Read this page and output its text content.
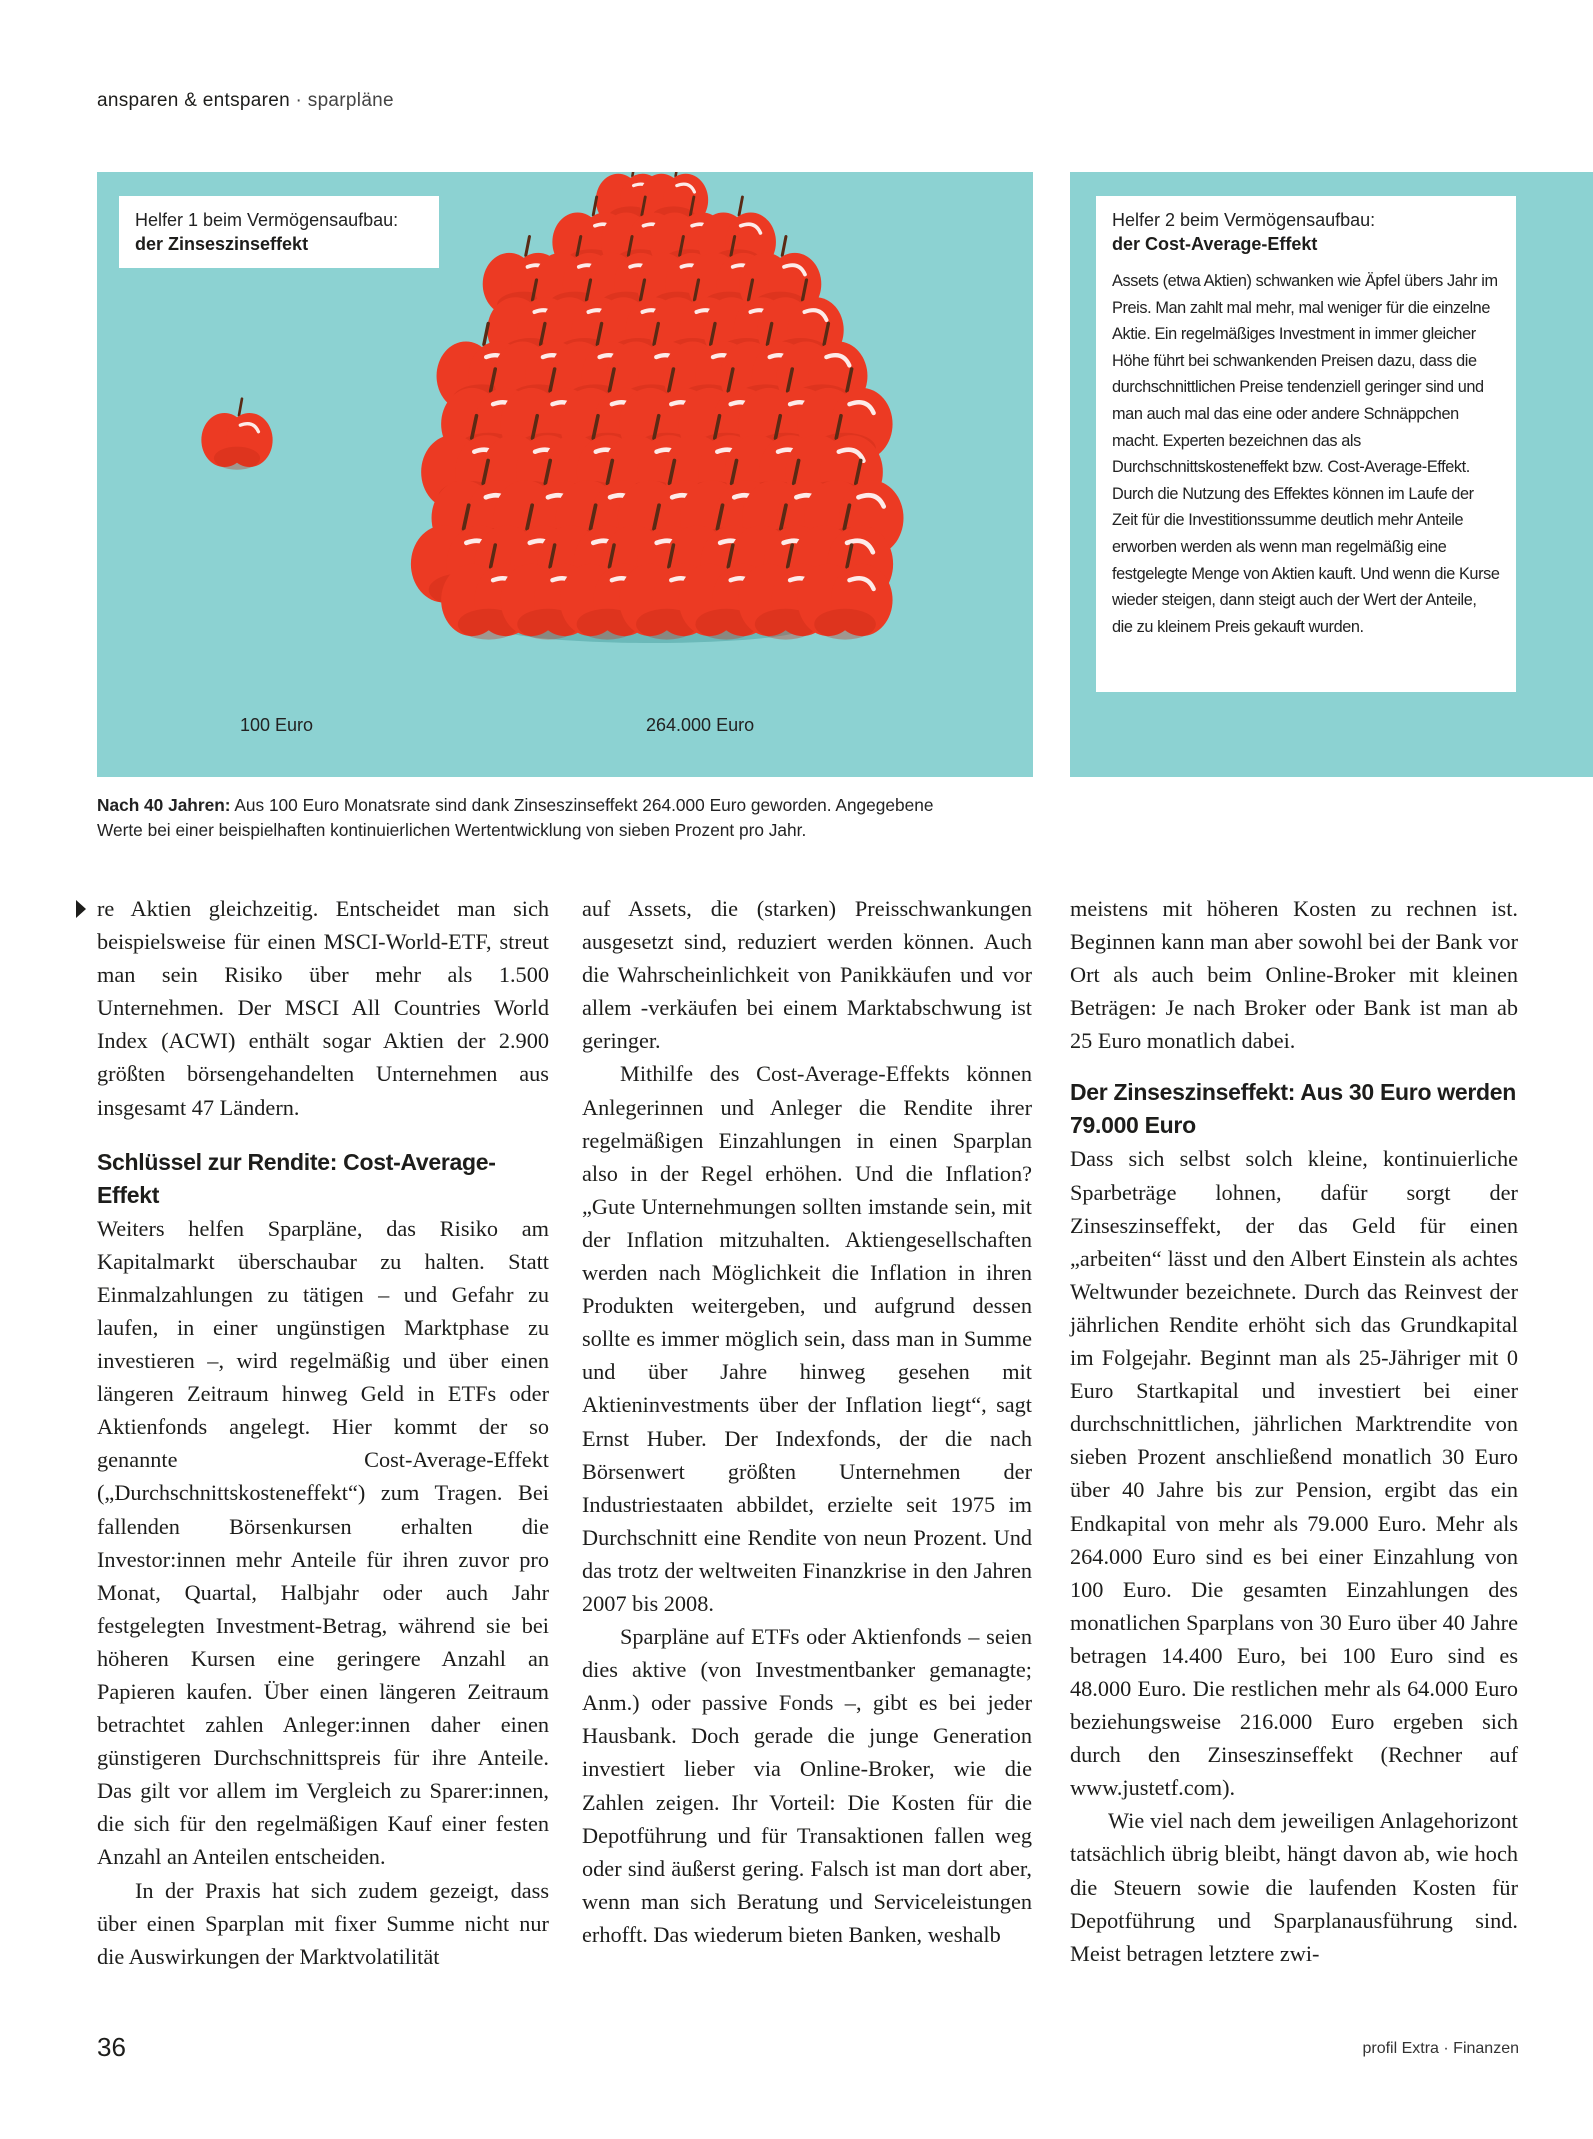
ansparen & entsparen · sparpläne
Helfer 1 beim Vermögensaufbau:
der Zinseszinseffekt
Helfer 2 beim Vermögensaufbau:
der Cost-Average-Effekt
Assets (etwa Aktien) schwanken wie Äpfel übers Jahr im Preis. Man zahlt mal mehr, mal weniger für die einzelne Aktie. Ein regelmäßiges Investment in immer gleicher Höhe führt bei schwankenden Preisen dazu, dass die durchschnittlichen Preise tendenziell geringer sind und man auch mal das eine oder andere Schnäppchen macht. Experten bezeichnen das als Durchschnittskosteneffekt bzw. Cost-Average-Effekt. Durch die Nutzung des Effektes können im Laufe der Zeit für die Investitionssumme deutlich mehr Anteile erworben werden als wenn man regelmäßig eine festgelegte Menge von Aktien kauft. Und wenn die Kurse wieder steigen, dann steigt auch der Wert der Anteile, die zu kleinem Preis gekauft wurden.
100 Euro	264.000 Euro
Nach 40 Jahren: Aus 100 Euro Monatsrate sind dank Zinseszinseffekt 264.000 Euro geworden. Angegebene Werte bei einer beispielhaften kontinuierlichen Wertentwicklung von sieben Prozent pro Jahr.

re Aktien gleichzeitig. Entscheidet man sich beispielsweise für einen MSCI-World-ETF, streut man sein Risiko über mehr als 1.500 Unternehmen. Der MSCI All Countries World Index (ACWI) enthält sogar Aktien der 2.900 größten börsengehandelten Unternehmen aus insgesamt 47 Ländern.

Schlüssel zur Rendite: Cost-Average-Effekt

Weiters helfen Sparpläne, das Risiko am Kapitalmarkt überschaubar zu halten. Statt Einmalzahlungen zu tätigen – und Gefahr zu laufen, in einer ungünstigen Marktphase zu investieren –, wird regelmäßig und über einen längeren Zeitraum hinweg Geld in ETFs oder Aktienfonds angelegt. Hier kommt der so genannte Cost-Average-Effekt („Durchschnittskosteneffekt“) zum Tragen. Bei fallenden Börsenkursen erhalten die Investor:innen mehr Anteile für ihren zuvor pro Monat, Quartal, Halbjahr oder auch Jahr festgelegten Investment-Betrag, während sie bei höheren Kursen eine geringere Anzahl an Papieren kaufen. Über einen längeren Zeitraum betrachtet zahlen Anleger:innen daher einen günstigeren Durchschnittspreis für ihre Anteile. Das gilt vor allem im Vergleich zu Sparer:innen, die sich für den regelmäßigen Kauf einer festen Anzahl an Anteilen entscheiden.

In der Praxis hat sich zudem gezeigt, dass über einen Sparplan mit fixer Summe nicht nur die Auswirkungen der Marktvolatilität

auf Assets, die (starken) Preisschwankungen ausgesetzt sind, reduziert werden können. Auch die Wahrscheinlichkeit von Panikkäufen und vor allem -verkäufen bei einem Marktabschwung ist geringer.

Mithilfe des Cost-Average-Effekts können Anlegerinnen und Anleger die Rendite ihrer regelmäßigen Einzahlungen in einen Sparplan also in der Regel erhöhen. Und die Inflation? „Gute Unternehmungen sollten imstande sein, mit der Inflation mitzuhalten. Aktiengesellschaften werden nach Möglichkeit die Inflation in ihren Produkten weitergeben, und aufgrund dessen sollte es immer möglich sein, dass man in Summe und über Jahre hinweg gesehen mit Aktieninvestments über der Inflation liegt“, sagt Ernst Huber. Der Indexfonds, der die nach Börsenwert größten Unternehmen der Industriestaaten abbildet, erzielte seit 1975 im Durchschnitt eine Rendite von neun Prozent. Und das trotz der weltweiten Finanzkrise in den Jahren 2007 bis 2008.

Sparpläne auf ETFs oder Aktienfonds – seien dies aktive (von Investmentbanker gemanagte; Anm.) oder passive Fonds –, gibt es bei jeder Hausbank. Doch gerade die junge Generation investiert lieber via Online-Broker, wie die Zahlen zeigen. Ihr Vorteil: Die Kosten für die Depotführung und für Transaktionen fallen weg oder sind äußerst gering. Falsch ist man dort aber, wenn man sich Beratung und Serviceleistungen erhofft. Das wiederum bieten Banken, weshalb

meistens mit höheren Kosten zu rechnen ist. Beginnen kann man aber sowohl bei der Bank vor Ort als auch beim Online-Broker mit kleinen Beträgen: Je nach Broker oder Bank ist man ab 25 Euro monatlich dabei.

Der Zinseszinseffekt: Aus 30 Euro werden 79.000 Euro

Dass sich selbst solch kleine, kontinuierliche Sparbeträge lohnen, dafür sorgt der Zinseszinseffekt, der das Geld für einen „arbeiten“ lässt und den Albert Einstein als achtes Weltwunder bezeichnete. Durch das Reinvest der jährlichen Rendite erhöht sich das Grundkapital im Folgejahr. Beginnt man als 25-Jähriger mit 0 Euro Startkapital und investiert bei einer durchschnittlichen, jährlichen Marktrendite von sieben Prozent anschließend monatlich 30 Euro über 40 Jahre bis zur Pension, ergibt das ein Endkapital von mehr als 79.000 Euro. Mehr als 264.000 Euro sind es bei einer Einzahlung von 100 Euro. Die gesamten Einzahlungen des monatlichen Sparplans von 30 Euro über 40 Jahre betragen 14.400 Euro, bei 100 Euro sind es 48.000 Euro. Die restlichen mehr als 64.000 Euro beziehungsweise 216.000 Euro ergeben sich durch den Zinseszinseffekt (Rechner auf www.justetf.com).

Wie viel nach dem jeweiligen Anlagehorizont tatsächlich übrig bleibt, hängt davon ab, wie hoch die Steuern sowie die laufenden Kosten für Depotführung und Sparplanausführung sind. Meist betragen letztere zwi-

36	profil Extra · Finanzen
